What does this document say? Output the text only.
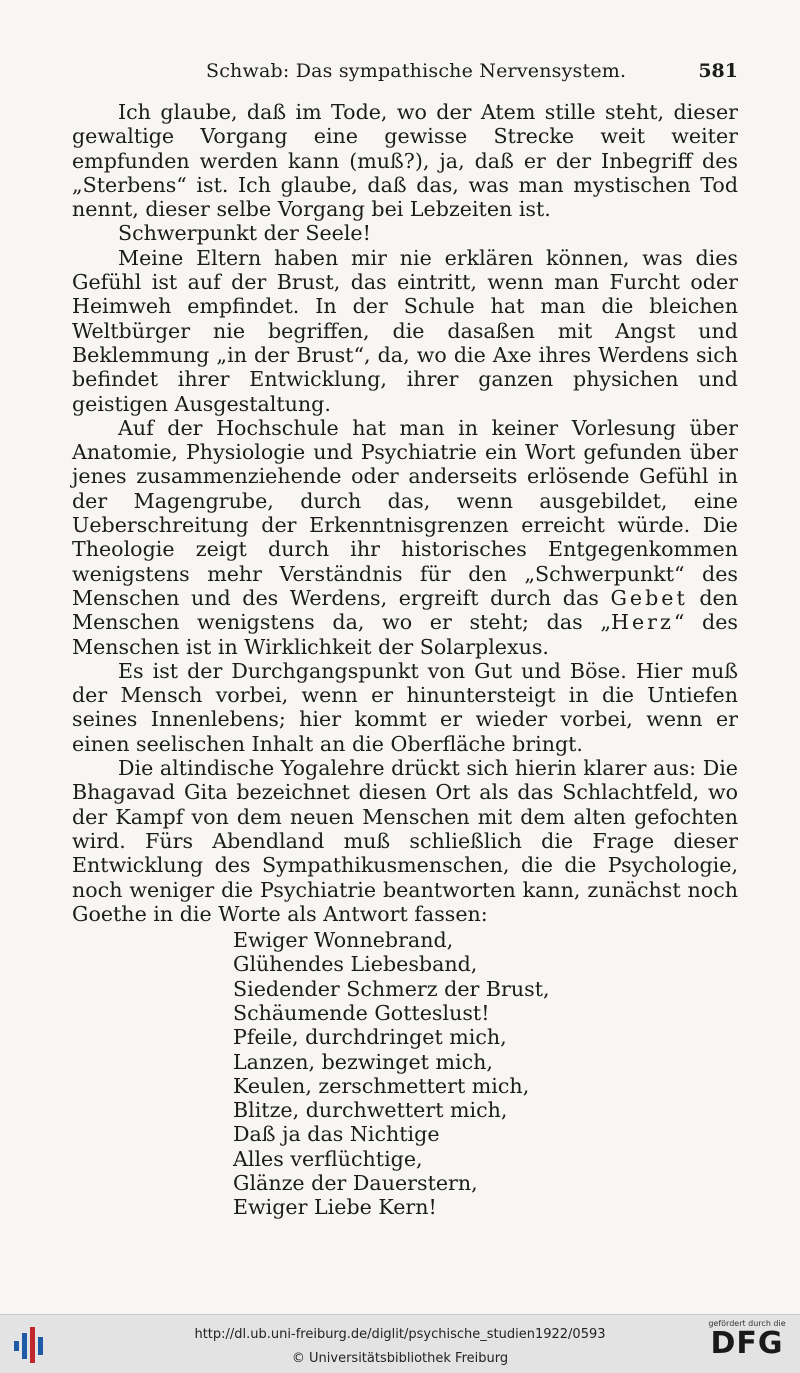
Schwab: Das sympathische Nervensystem.	581

Ich glaube, daß im Tode, wo der Atem stille steht, dieser gewaltige Vorgang eine gewisse Strecke weit weiter empfunden werden kann (muß?), ja, daß er der Inbegriff des „Sterbens“ ist. Ich glaube, daß das, was man mystischen Tod nennt, dieser selbe Vorgang bei Lebzeiten ist.

Schwerpunkt der Seele!

Meine Eltern haben mir nie erklären können, was dies Gefühl ist auf der Brust, das eintritt, wenn man Furcht oder Heimweh empfindet. In der Schule hat man die bleichen Weltbürger nie begriffen, die dasaßen mit Angst und Beklemmung „in der Brust“, da, wo die Axe ihres Werdens sich befindet ihrer Entwicklung, ihrer ganzen physichen und geistigen Ausgestaltung.

Auf der Hochschule hat man in keiner Vorlesung über Anatomie, Physiologie und Psychiatrie ein Wort gefunden über jenes zusammenziehende oder anderseits erlösende Gefühl in der Magengrube, durch das, wenn ausgebildet, eine Ueberschreitung der Erkenntnisgrenzen erreicht würde. Die Theologie zeigt durch ihr historisches Entgegenkommen wenigstens mehr Verständnis für den „Schwerpunkt“ des Menschen und des Werdens, ergreift durch das Gebet den Menschen wenigstens da, wo er steht; das „Herz“ des Menschen ist in Wirklichkeit der Solarplexus.

Es ist der Durchgangspunkt von Gut und Böse. Hier muß der Mensch vorbei, wenn er hinuntersteigt in die Untiefen seines Innenlebens; hier kommt er wieder vorbei, wenn er einen seelischen Inhalt an die Oberfläche bringt.

Die altindische Yogalehre drückt sich hierin klarer aus: Die Bhagavad Gita bezeichnet diesen Ort als das Schlachtfeld, wo der Kampf von dem neuen Menschen mit dem alten gefochten wird. Fürs Abendland muß schließlich die Frage dieser Entwicklung des Sympathikusmenschen, die die Psychologie, noch weniger die Psychiatrie beantworten kann, zunächst noch Goethe in die Worte als Antwort fassen:

Ewiger Wonnebrand,
Glühendes Liebesband,
Siedender Schmerz der Brust,
Schäumende Gotteslust!
Pfeile, durchdringet mich,
Lanzen, bezwinget mich,
Keulen, zerschmettert mich,
Blitze, durchwettert mich,
Daß ja das Nichtige
Alles verflüchtige,
Glänze der Dauerstern,
Ewiger Liebe Kern!
http://dl.ub.uni-freiburg.de/diglit/psychische_studien1922/0593
© Universitätsbibliothek Freiburg
gefördert durch die
DFG
